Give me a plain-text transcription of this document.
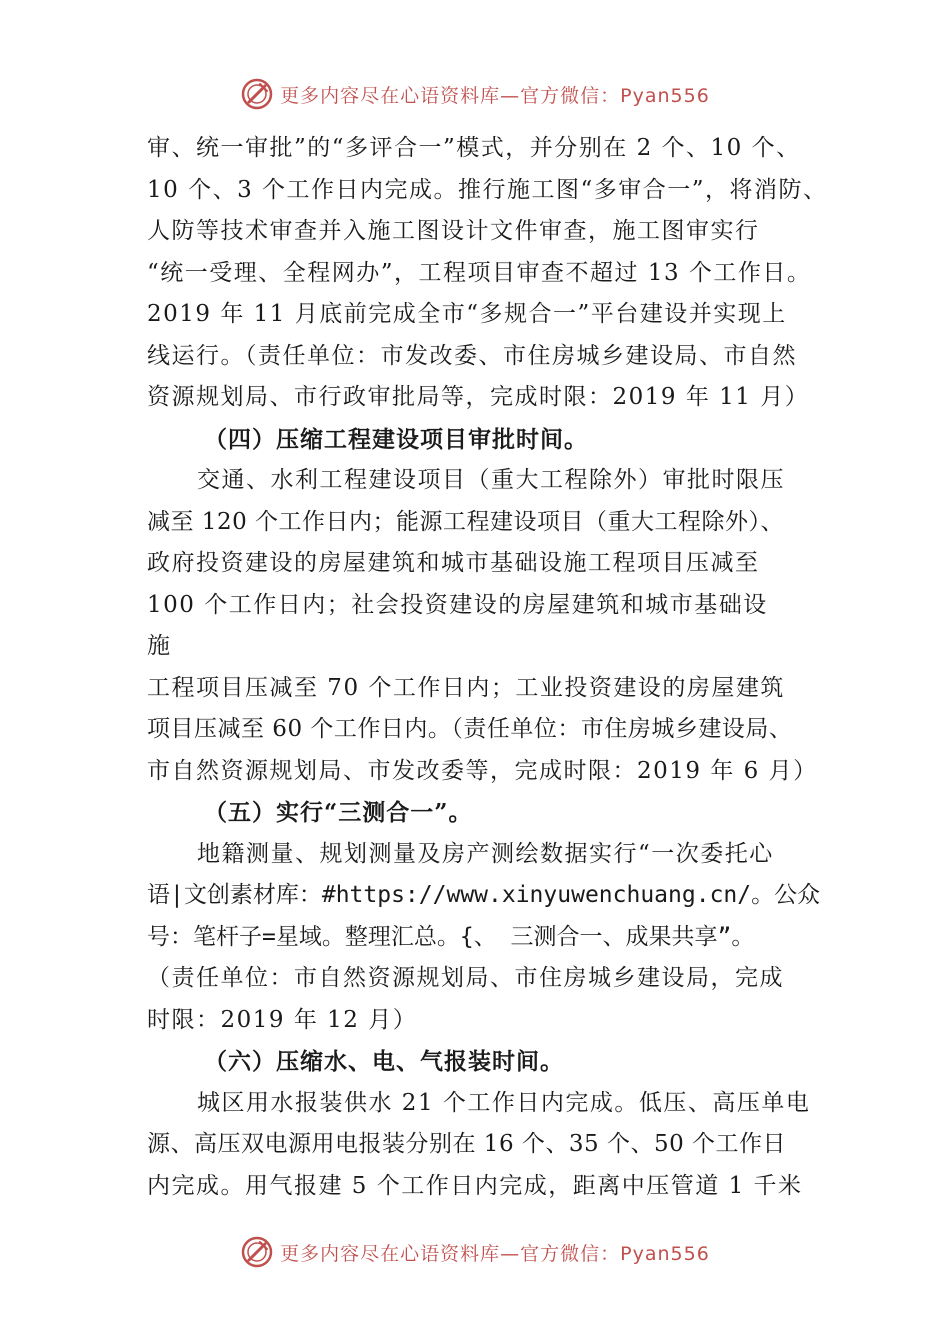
更多内容尽在心语资料库—官方微信：Pyan556
审、统一审批”的“多评合一”模式，并分别在 2 个、10 个、
10 个、3 个工作日内完成。推行施工图“多审合一”，将消防、
人防等技术审查并入施工图设计文件审查，施工图审实行
“统一受理、全程网办”，工程项目审查不超过 13 个工作日。
2019 年 11 月底前完成全市“多规合一”平台建设并实现上
线运行。（责任单位：市发改委、市住房城乡建设局、市自然
资源规划局、市行政审批局等，完成时限：2019 年 11 月）
（四）压缩工程建设项目审批时间。
交通、水利工程建设项目（重大工程除外）审批时限压
减至 120 个工作日内；能源工程建设项目（重大工程除外）、
政府投资建设的房屋建筑和城市基础设施工程项目压减至
100 个工作日内；社会投资建设的房屋建筑和城市基础设
施
工程项目压减至 70 个工作日内；工业投资建设的房屋建筑
项目压减至 60 个工作日内。（责任单位：市住房城乡建设局、
市自然资源规划局、市发改委等，完成时限：2019 年 6 月）
（五）实行“三测合一”。
地籍测量、规划测量及房产测绘数据实行“一次委托心
语|文创素材库：#https://www.xinyuwenchuang.cn/。公众
号：笔杆子=星域。整理汇总。{、 三测合一、成果共享”。
（责任单位：市自然资源规划局、市住房城乡建设局，完成
时限：2019 年 12 月）
（六）压缩水、电、气报装时间。
城区用水报装供水 21 个工作日内完成。低压、高压单电
源、高压双电源用电报装分别在 16 个、35 个、50 个工作日
内完成。用气报建 5 个工作日内完成，距离中压管道 1 千米
更多内容尽在心语资料库—官方微信：Pyan556
